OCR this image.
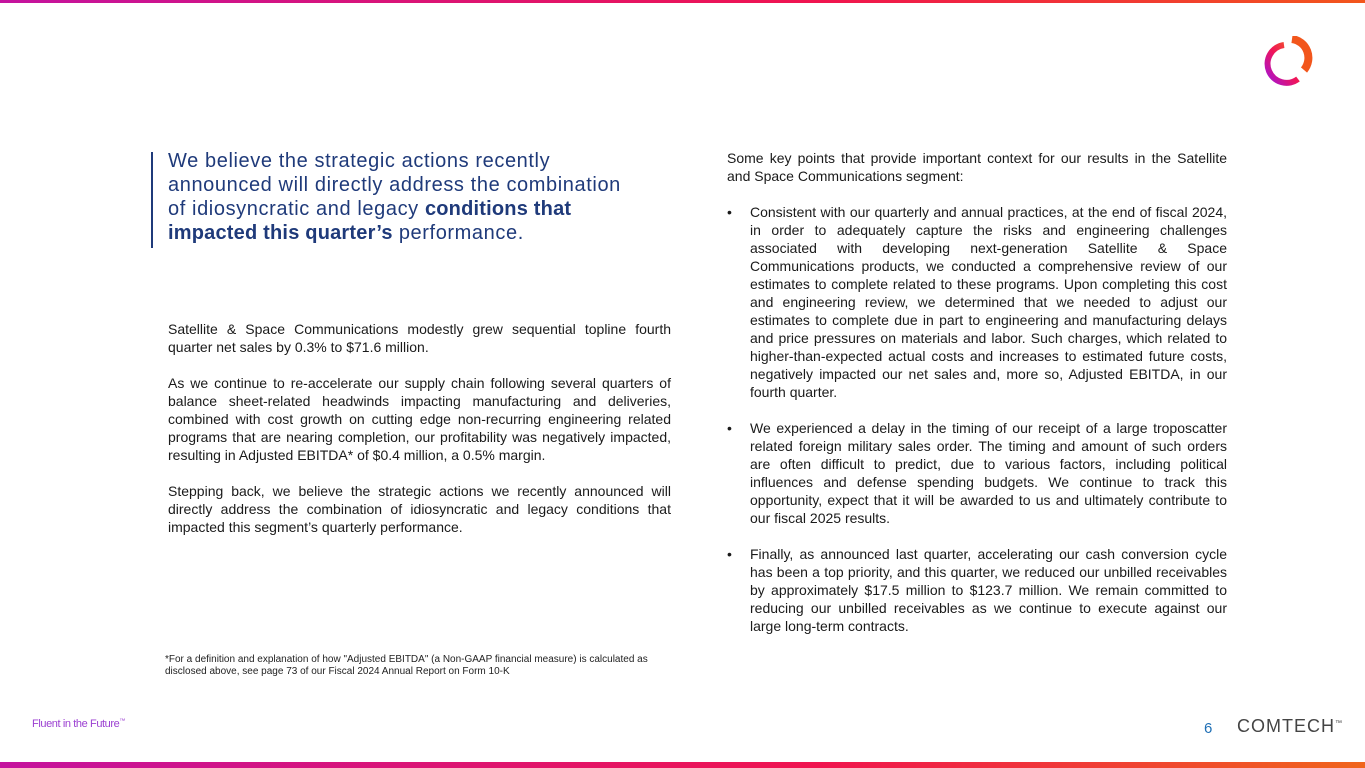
We believe the strategic actions recently announced will directly address the combination of idiosyncratic and legacy conditions that impacted this quarter’s performance.

Satellite & Space Communications modestly grew sequential topline fourth quarter net sales by 0.3% to $71.6 million.

As we continue to re-accelerate our supply chain following several quarters of balance sheet-related headwinds impacting manufacturing and deliveries, combined with cost growth on cutting edge non-recurring engineering related programs that are nearing completion, our profitability was negatively impacted, resulting in Adjusted EBITDA* of $0.4 million, a 0.5% margin.

Stepping back, we believe the strategic actions we recently announced will directly address the combination of idiosyncratic and legacy conditions that impacted this segment’s quarterly performance.

Some key points that provide important context for our results in the Satellite and Space Communications segment:

• Consistent with our quarterly and annual practices, at the end of fiscal 2024, in order to adequately capture the risks and engineering challenges associated with developing next-generation Satellite & Space Communications products, we conducted a comprehensive review of our estimates to complete related to these programs. Upon completing this cost and engineering review, we determined that we needed to adjust our estimates to complete due in part to engineering and manufacturing delays and price pressures on materials and labor. Such charges, which related to higher-than-expected actual costs and increases to estimated future costs, negatively impacted our net sales and, more so, Adjusted EBITDA, in our fourth quarter.
• We experienced a delay in the timing of our receipt of a large troposcatter related foreign military sales order. The timing and amount of such orders are often difficult to predict, due to various factors, including political influences and defense spending budgets. We continue to track this opportunity, expect that it will be awarded to us and ultimately contribute to our fiscal 2025 results.
• Finally, as announced last quarter, accelerating our cash conversion cycle has been a top priority, and this quarter, we reduced our unbilled receivables by approximately $17.5 million to $123.7 million. We remain committed to reducing our unbilled receivables as we continue to execute against our large long-term contracts.
*For a definition and explanation of how "Adjusted EBITDA" (a Non-GAAP financial measure) is calculated as disclosed above, see page 73 of our Fiscal 2024 Annual Report on Form 10-K
Fluent in the Future™	6 COMTECH™
